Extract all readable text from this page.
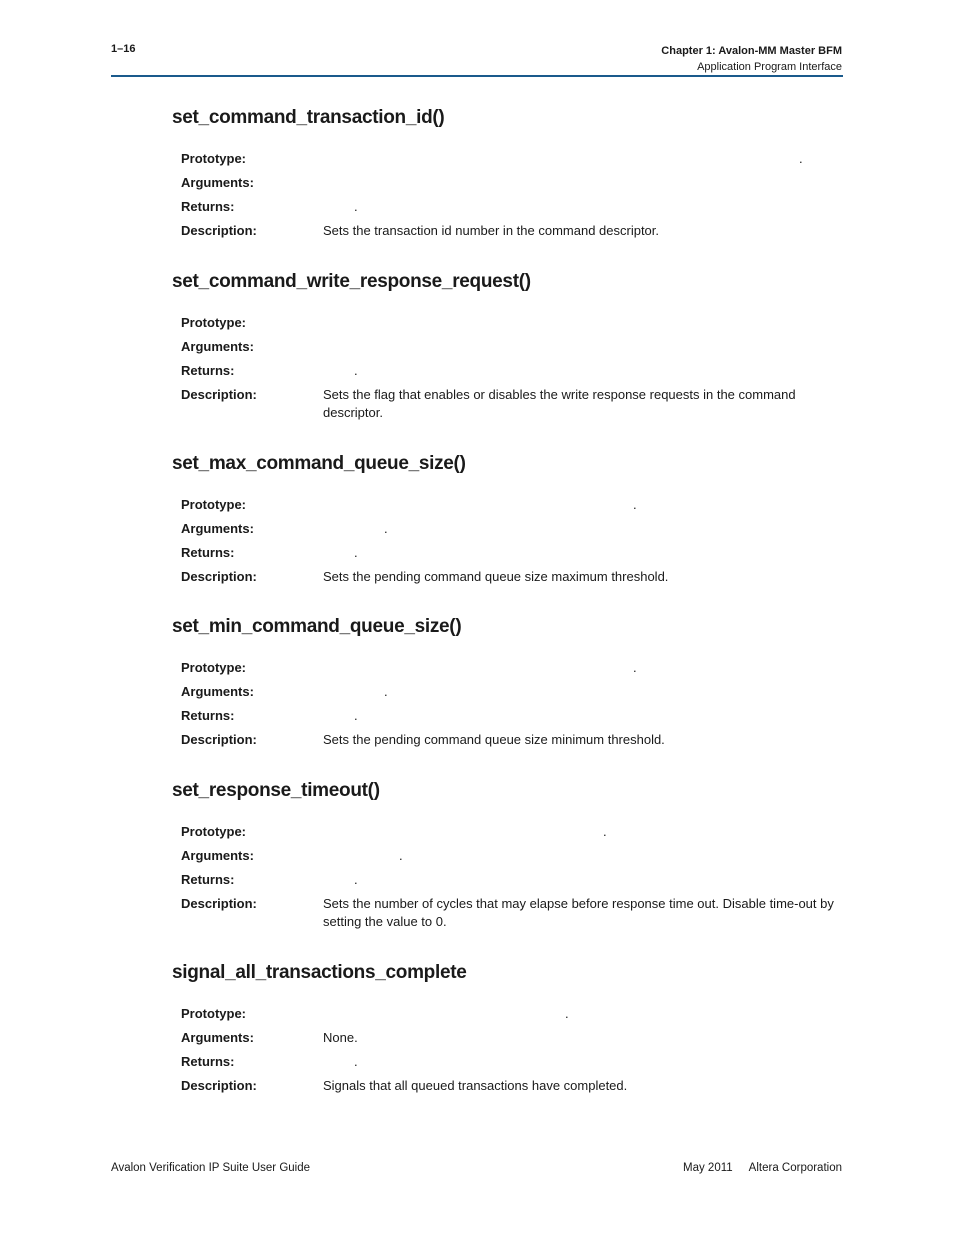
1–16	Chapter 1: Avalon-MM Master BFM
Application Program Interface
set_command_transaction_id()
Prototype:	.
Arguments:
Returns:	.
Description:	Sets the transaction id number in the command descriptor.
set_command_write_response_request()
Prototype:
Arguments:
Returns:	.
Description:	Sets the flag that enables or disables the write response requests in the command descriptor.
set_max_command_queue_size()
Prototype:	.
Arguments:	.
Returns:	.
Description:	Sets the pending command queue size maximum threshold.
set_min_command_queue_size()
Prototype:	.
Arguments:	.
Returns:	.
Description:	Sets the pending command queue size minimum threshold.
set_response_timeout()
Prototype:	.
Arguments:	.
Returns:	.
Description:	Sets the number of cycles that may elapse before response time out. Disable time-out by setting the value to 0.
signal_all_transactions_complete
Prototype:	.
Arguments:	None.
Returns:	.
Description:	Signals that all queued transactions have completed.
Avalon Verification IP Suite User Guide	May 2011 Altera Corporation
